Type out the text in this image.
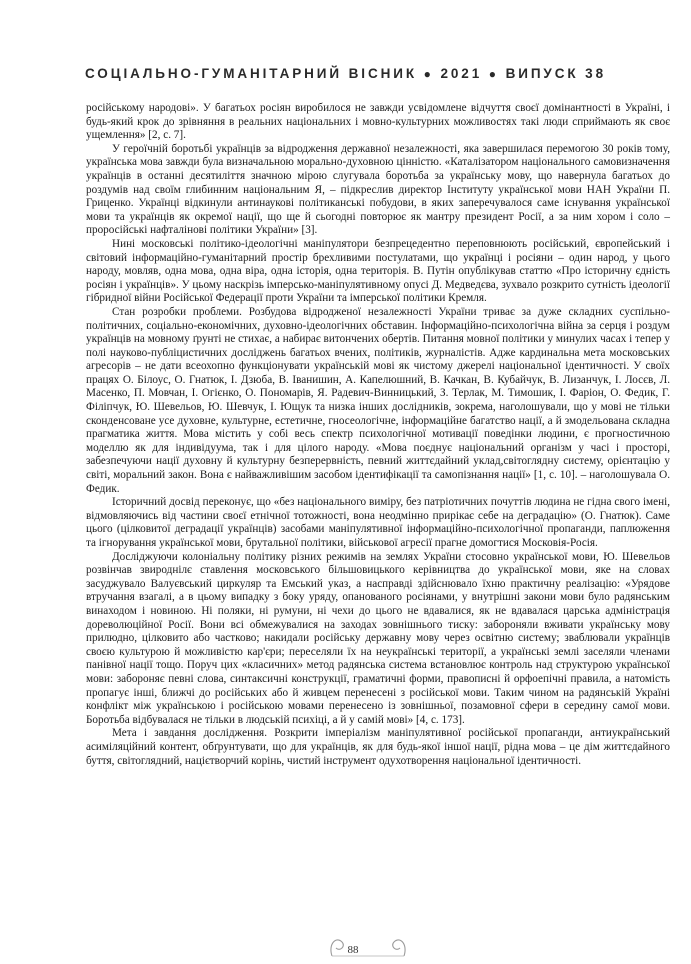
СОЦІАЛЬНО-ГУМАНІТАРНИЙ ВІСНИК ● 2021 ● ВИПУСК 38

російському народові». У багатьох росіян виробилося не завжди усвідомлене відчуття своєї домінантності в Україні, і будь-який крок до зрівняння в реальних національних і мовно-культурних можливостях такі люди сприймають як своє ущемлення» [2, с. 7].

У героїчній боротьбі українців за відродження державної незалежності, яка завершилася перемогою 30 років тому, українська мова завжди була визначальною морально-духовною цінністю. «Каталізатором національного самовизначення українців в останні десятиліття значною мірою слугувала боротьба за українську мову, що навернула багатьох до роздумів над своїм глибинним національним Я, – підкреслив директор Інституту української мови НАН України П. Гриценко. Українці відкинули антинаукові політиканські побудови, в яких заперечувалося саме існування української мови та українців як окремої нації, що ще й сьогодні повторює як мантру президент Росії, а за ним хором і соло – проросійські нафталінові політики України» [3].

Нині московські політико-ідеологічні маніпулятори безпрецедентно переповнюють російський, європейський і світовий інформаційно-гуманітарний простір брехливими постулатами, що українці і росіяни – один народ, у цього народу, мовляв, одна мова, одна віра, одна історія, одна територія. В. Путін опублікував статтю «Про історичну єдність росіян і українців». У цьому наскрізь імперсько-маніпулятивному опусі Д. Медведєва, зухвало розкрито сутність ідеології гібридної війни Російської Федерації проти України та імперської політики Кремля.

Стан розробки проблеми. Розбудова відродженої незалежності України триває за дуже складних суспільно-політичних, соціально-економічних, духовно-ідеологічних обставин. Інформаційно-психологічна війна за серця і роздум українців на мовному ґрунті не стихає, а набирає витончених обертів. Питання мовної політики у минулих часах і тепер у полі науково-публіцистичних досліджень багатьох вчених, політиків, журналістів. Адже кардинальна мета московських агресорів – не дати всеохопно функціонувати українській мові як чистому джерелі національної ідентичності. У своїх працях О. Білоус, О. Гнатюк, І. Дзюба, В. Іванишин, А. Капелюшний, В. Качкан, В. Кубайчук, В. Лизанчук, І. Лосєв, Л. Масенко, П. Мовчан, І. Огієнко, О. Пономарів, Я. Радевич-Винницький, З. Терлак, М. Тимошик, І. Фаріон, О. Федик, Г. Філіпчук, Ю. Шевельов, Ю. Шевчук, І. Ющук та низка інших дослідників, зокрема, наголошували, що у мові не тільки сконденсоване усе духовне, культурне, естетичне, гносеологічне, інформаційне багатство нації, а й змодельована складна прагматика життя. Мова містить у собі весь спектр психологічної мотивації поведінки людини, є прогностичною моделлю як для індивідуума, так і для цілого народу. «Мова поєднує національний організм у часі і просторі, забезпечуючи нації духовну й культурну безперервність, певний життєдайний уклад,світоглядну систему, орієнтацію у світі, моральний закон. Вона є найважливішим засобом ідентифікації та самопізнання нації» [1, с. 10]. – наголошувала О. Федик.

Історичний досвід переконує, що «без національного виміру, без патріотичних почуттів людина не гідна свого імені, відмовляючись від частини своєї етнічної тотожності, вона неодмінно прирікає себе на деградацію» (О. Гнатюк). Саме цього (цілковитої деградації українців) засобами маніпулятивної інформаційно-психологічної пропаганди, паплюження та ігнорування української мови, брутальної політики, військової агресії прагне домогтися Московія-Росія.

Досліджуючи колоніальну політику різних режимів на землях України стосовно української мови, Ю. Шевельов розвінчав звироднілє ставлення московського більшовицького керівництва до української мови, яке на словах засуджувало Валуєвський циркуляр та Емський указ, а насправді здійснювало їхню практичну реалізацію: «Урядове втручання взагалі, а в цьому випадку з боку уряду, опанованого росіянами, у внутрішні закони мови було радянським винаходом і новиною. Ні поляки, ні румуни, ні чехи до цього не вдавалися, як не вдавалася царська адміністрація дореволюційної Росії. Вони всі обмежувалися на заходах зовнішнього тиску: забороняли вживати українську мову прилюдно, цілковито або частково; накидали російську державну мову через освітню систему; зваблювали українців своєю культурою й можливістю кар'єри; переселяли їх на неукраїнські території, а українські землі заселяли членами панівної нації тощо. Поруч цих «класичних» метод радянська система встановлює контроль над структурою української мови: забороняє певні слова, синтаксичні конструкції, граматичні форми, правописні й орфоепічні правила, а натомість пропагує інші, ближчі до російських або й живцем перенесені з російської мови. Таким чином на радянській Україні конфлікт між українською і російською мовами перенесено із зовнішньої, позамовної сфери в середину самої мови. Боротьба відбувалася не тільки в людській психіці, а й у самій мові» [4, с. 173].

Мета і завдання дослідження. Розкрити імперіалізм маніпулятивної російської пропаганди, антиукраїнський асиміляційний контент, обґрунтувати, що для українців, як для будь-якої іншої нації, рідна мова – це дім життєдайного буття, світоглядний, націєтворчий корінь, чистий інструмент одухотворення національної ідентичності.

88
